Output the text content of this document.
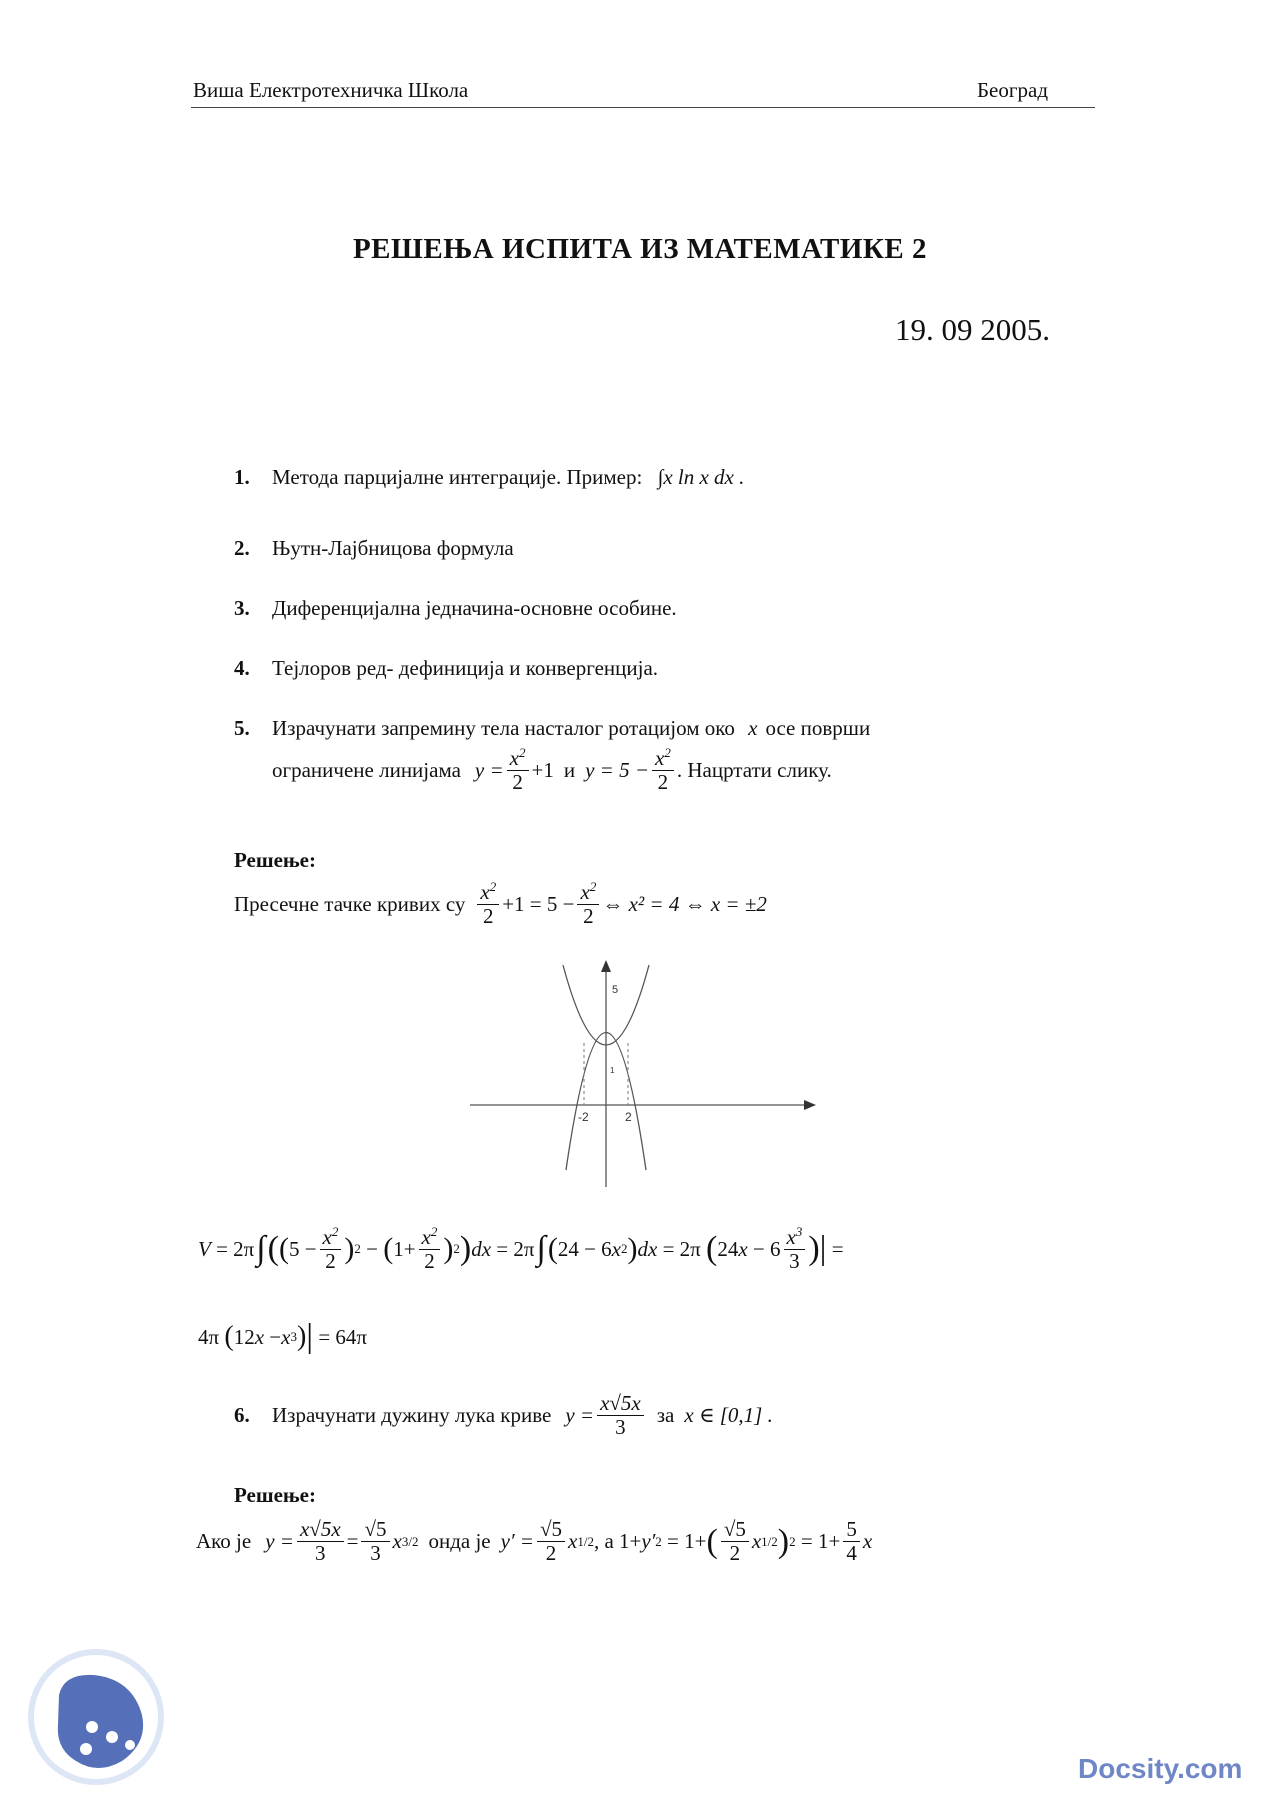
Виша Електротехничка Школа	Београд
РЕШЕЊА ИСПИТА ИЗ МАТЕМАТИКЕ 2
19. 09 2005.
1. Метода парцијалне интеграције. Пример: ∫x ln x dx .
2. Њутн-Лајбницова формула
3. Диференцијална једначина-основне особине.
4. Тејлоров ред- дефиниција и конвергенција.
5. Израчунати запремину тела насталог ротацијом око x осе површи
ограничене линијама $y = \frac{x^2}{2} +1$ и $y = 5 - \frac{x^2}{2}$ . Нацртати слику.
Решење:
Пресечне тачке кривих су $\frac{x^2}{2} +1 = 5 - \frac{x^2}{2}$ ⇔ x² = 4 ⇔ x = ±2
-2	2
5
1
V = 2π ∫ ( ( $5 - \frac{x^2}{2}$ ) 2 − ( $1+ \frac{x^2}{2}$ ) 2 ) dx = 2π ∫ ( 24 − 6 x 2 ) dx = 2π ( 24 $x - 6 \frac{x^3}{3}$ ) | =
4π ( 12 x − x 3 ) | = 64π
6.	Израчунати дужину лука криве $y = \frac{x√5x}{3}$ за x ∈ [0,1] .
Решење:
Ако је $y = \frac{x√5x}{3} = \frac{√5}{3}$ x 3/2 онда је $y' = \frac{√5}{2}$ x 1/2 , а 1+ y′ 2 = 1+ ( $\frac{√5}{2}$ x 1/2 ) $2 = 1+ \frac{5}{4}$ x
Docsity.com
